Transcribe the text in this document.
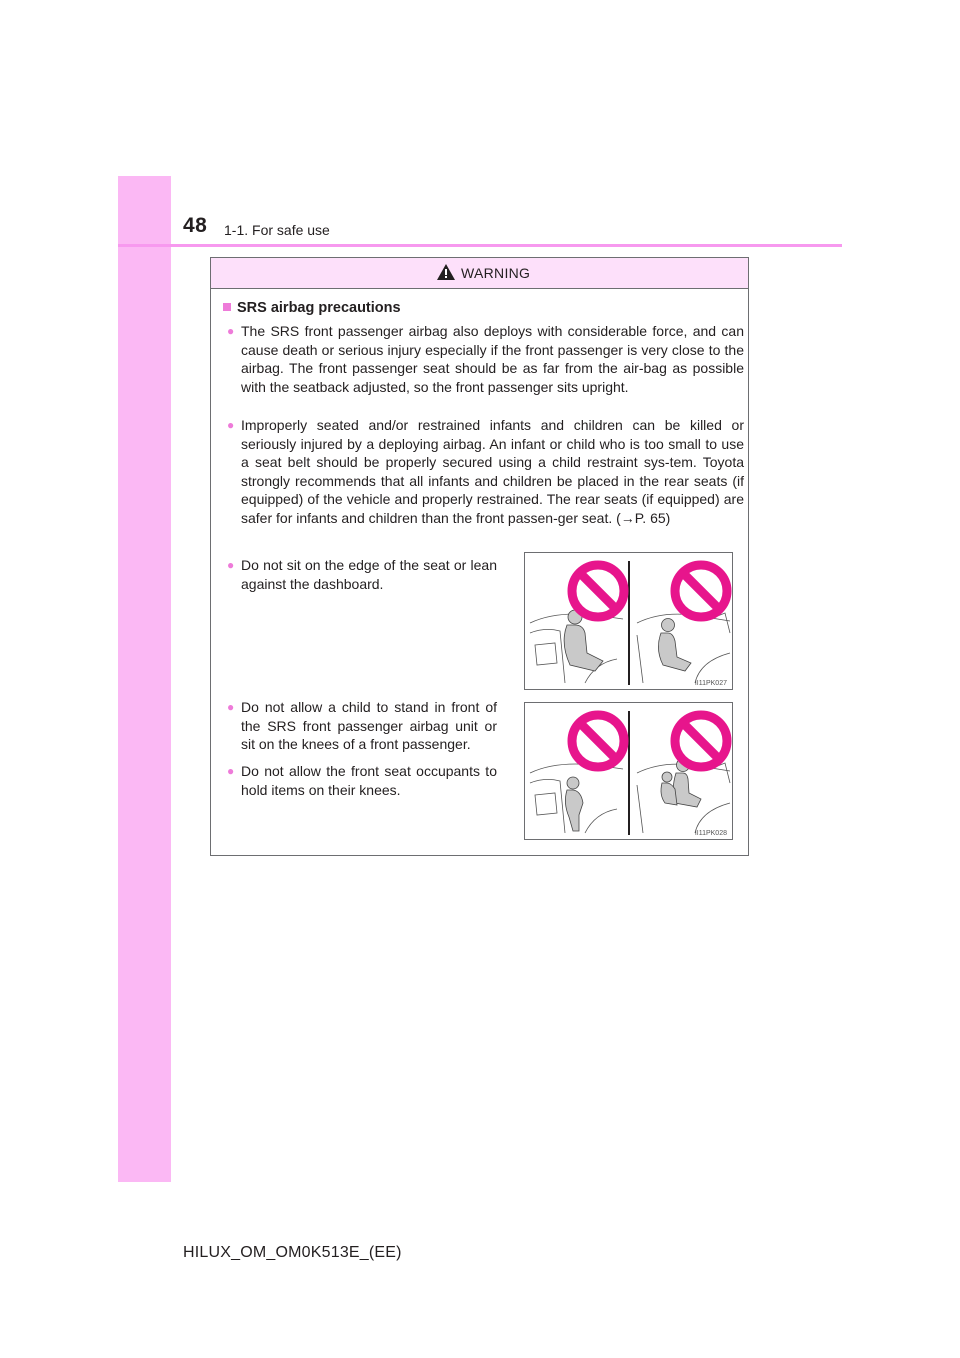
48 1-1. For safe use
WARNING
SRS airbag precautions
● The SRS front passenger airbag also deploys with considerable force, and can cause death or serious injury especially if the front passenger is very close to the airbag. The front passenger seat should be as far from the air-bag as possible with the seatback adjusted, so the front passenger sits upright.
● Improperly seated and/or restrained infants and children can be killed or seriously injured by a deploying airbag. An infant or child who is too small to use a seat belt should be properly secured using a child restraint sys-tem. Toyota strongly recommends that all infants and children be placed in the rear seats (if equipped) of the vehicle and properly restrained. The rear seats (if equipped) are safer for infants and children than the front passen-ger seat. (→P. 65)
● Do not sit on the edge of the seat or lean against the dashboard.
● Do not allow a child to stand in front of the SRS front passenger airbag unit or sit on the knees of a front passenger.
● Do not allow the front seat occupants to hold items on their knees.
II11PK027
II11PK028
HILUX_OM_OM0K513E_(EE)
